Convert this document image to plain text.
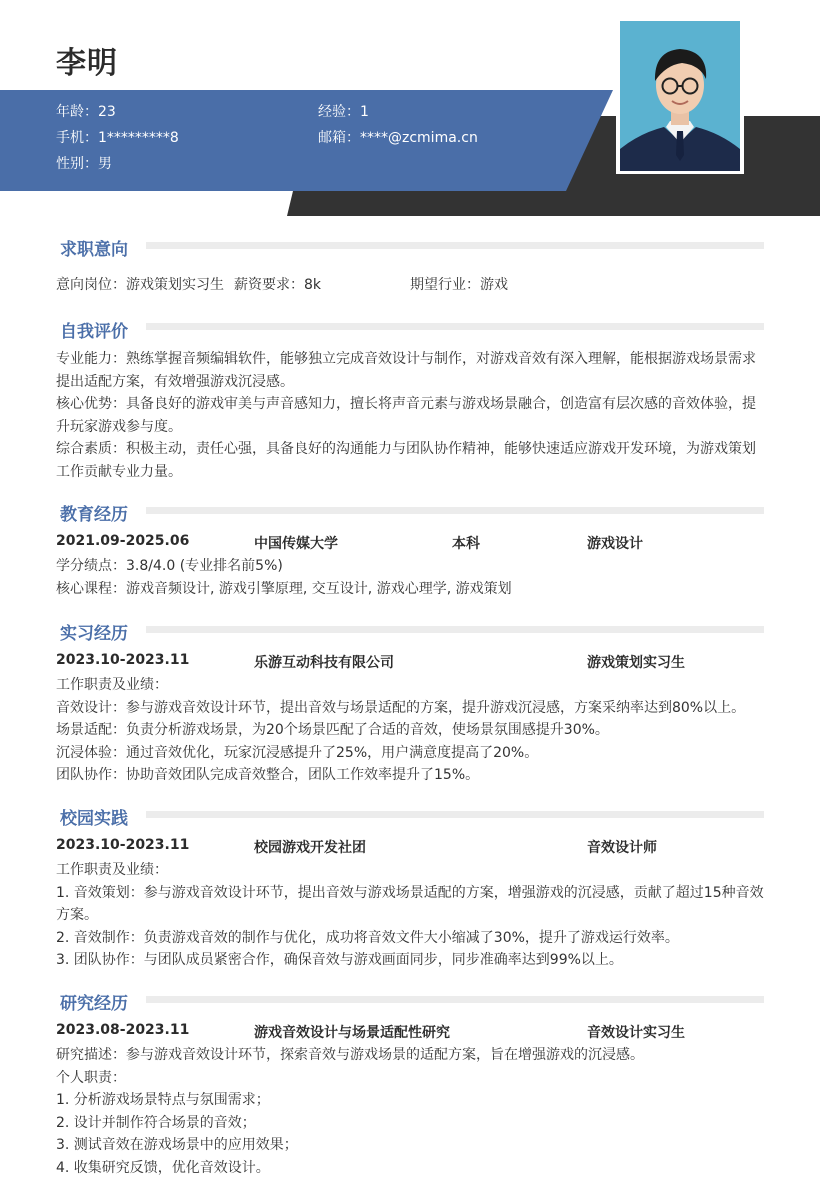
李明
年龄：23	经验：1
手机：1*********8	邮箱：****@zcmima.cn
性别：男
求职意向
意向岗位：游戏策划实习生 薪资要求：8k	期望行业：游戏
自我评价
专业能力：熟练掌握音频编辑软件，能够独立完成音效设计与制作，对游戏音效有深入理解，能根据游戏场景需求提出适配方案，有效增强游戏沉浸感。
核心优势：具备良好的游戏审美与声音感知力，擅长将声音元素与游戏场景融合，创造富有层次感的音效体验，提升玩家游戏参与度。
综合素质：积极主动，责任心强，具备良好的沟通能力与团队协作精神，能够快速适应游戏开发环境，为游戏策划工作贡献专业力量。
教育经历
2021.09-2025.06	中国传媒大学	本科	游戏设计
学分绩点：3.8/4.0 (专业排名前5%)
核心课程：游戏音频设计, 游戏引擎原理, 交互设计, 游戏心理学, 游戏策划
实习经历
2023.10-2023.11	乐游互动科技有限公司	游戏策划实习生
工作职责及业绩：
音效设计：参与游戏音效设计环节，提出音效与场景适配的方案，提升游戏沉浸感，方案采纳率达到80%以上。
场景适配：负责分析游戏场景，为20个场景匹配了合适的音效，使场景氛围感提升30%。
沉浸体验：通过音效优化，玩家沉浸感提升了25%，用户满意度提高了20%。
团队协作：协助音效团队完成音效整合，团队工作效率提升了15%。
校园实践
2023.10-2023.11	校园游戏开发社团	音效设计师
工作职责及业绩：
1. 音效策划：参与游戏音效设计环节，提出音效与游戏场景适配的方案，增强游戏的沉浸感，贡献了超过15种音效方案。
2. 音效制作：负责游戏音效的制作与优化，成功将音效文件大小缩减了30%，提升了游戏运行效率。
3. 团队协作：与团队成员紧密合作，确保音效与游戏画面同步，同步准确率达到99%以上。
研究经历
2023.08-2023.11	游戏音效设计与场景适配性研究	音效设计实习生
研究描述：参与游戏音效设计环节，探索音效与游戏场景的适配方案，旨在增强游戏的沉浸感。
个人职责：
1. 分析游戏场景特点与氛围需求；
2. 设计并制作符合场景的音效；
3. 测试音效在游戏场景中的应用效果；
4. 收集研究反馈，优化音效设计。
